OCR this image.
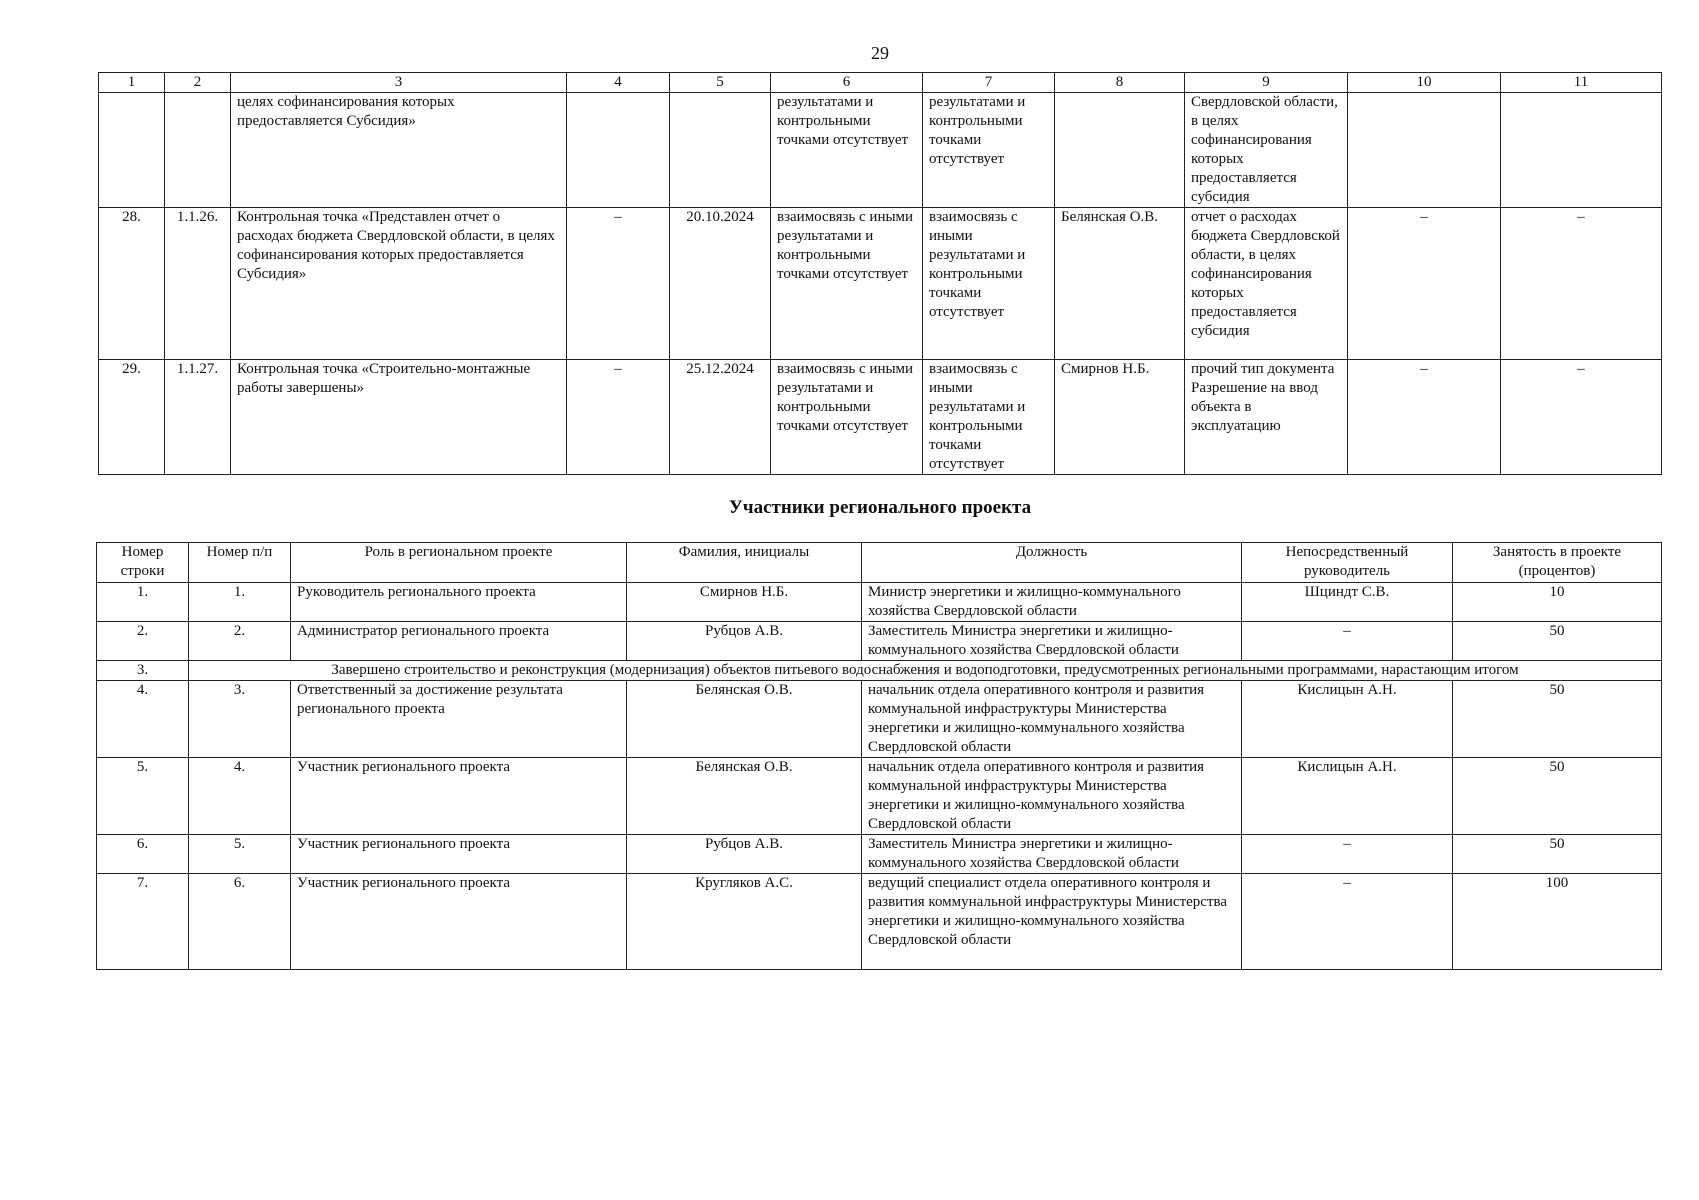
29
1	2	3	4	5	6	7	8	9	10	11
		целях софинансирования которых предоставляется Субсидия»			результатами и контрольными точками отсутствует	результатами и контрольными точками отсутствует		Свердловской области, в целях софинансирования которых предоставляется субсидия		
28.	1.1.26.	Контрольная точка «Представлен отчет о расходах бюджета Свердловской области, в целях софинансирования которых предоставляется Субсидия»	–	20.10.2024	взаимосвязь с иными результатами и контрольными точками отсутствует	взаимосвязь с иными результатами и контрольными точками отсутствует	Белянская О.В.	отчет о расходах бюджета Свердловской области, в целях софинансирования которых предоставляется субсидия	–	–
29.	1.1.27.	Контрольная точка «Строительно-монтажные работы завершены»	–	25.12.2024	взаимосвязь с иными результатами и контрольными точками отсутствует	взаимосвязь с иными результатами и контрольными точками отсутствует	Смирнов Н.Б.	прочий тип документа Разрешение на ввод объекта в эксплуатацию	–	–
Участники регионального проекта
Номер строки	Номер п/п	Роль в региональном проекте	Фамилия, инициалы	Должность	Непосредственный руководитель	Занятость в проекте (процентов)
1.	1.	Руководитель регионального проекта	Смирнов Н.Б.	Министр энергетики и жилищно-коммунального хозяйства Свердловской области	Шциндт С.В.	10
2.	2.	Администратор регионального проекта	Рубцов А.В.	Заместитель Министра энергетики и жилищно-коммунального хозяйства Свердловской области	–	50
3.	Завершено строительство и реконструкция (модернизация) объектов питьевого водоснабжения и водоподготовки, предусмотренных региональными программами, нарастающим итогом					
4.	3.	Ответственный за достижение результата регионального проекта	Белянская О.В.	начальник отдела оперативного контроля и развития коммунальной инфраструктуры Министерства энергетики и жилищно-коммунального хозяйства Свердловской области	Кислицын А.Н.	50
5.	4.	Участник регионального проекта	Белянская О.В.	начальник отдела оперативного контроля и развития коммунальной инфраструктуры Министерства энергетики и жилищно-коммунального хозяйства Свердловской области	Кислицын А.Н.	50
6.	5.	Участник регионального проекта	Рубцов А.В.	Заместитель Министра энергетики и жилищно-коммунального хозяйства Свердловской области	–	50
7.	6.	Участник регионального проекта	Кругляков А.С.	ведущий специалист отдела оперативного контроля и развития коммунальной инфраструктуры Министерства энергетики и жилищно-коммунального хозяйства Свердловской области	–	100
